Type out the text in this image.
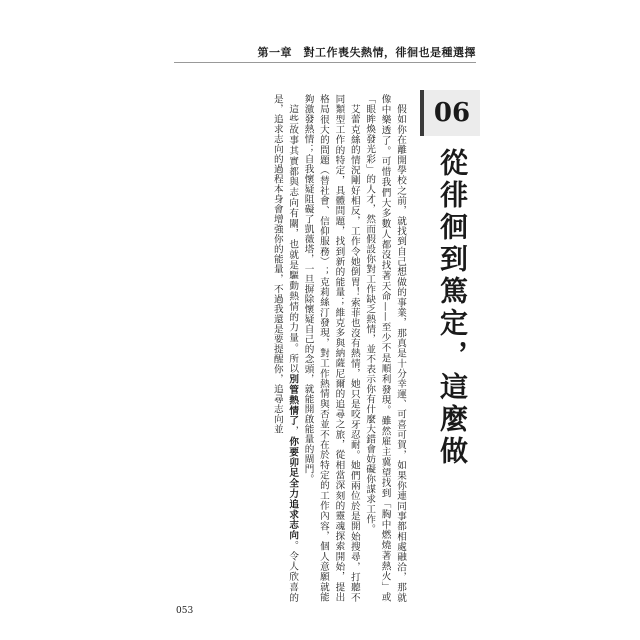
第一章　對工作喪失熱情，徘徊也是種選擇
06
從徘徊到篤定，這麼做

假如你在離開學校之前，就找到自己想做的事業，那真是十分幸運、可喜可賀，如果你連同事都相處融洽，那就像中樂透了。可惜我們大多數人都沒找著天命——至少不是順利發現。雖然雇主冀望找到「胸中燃燒著熱火」或「眼眸煥發光彩」的人才，然而假設你對工作缺乏熱情，並不表示你有什麼大錯會妨礙你謀求工作。

艾蕾克絲的情況剛好相反，工作令她倒胃！索菲也沒有熱情，她只是咬牙忍耐。她們兩位於是開始搜尋，打聽不同類型工作的特定，具體問題，找到新的能量；維克多與納薩尼爾的追尋之旅，從相當深刻的靈魂探索開始，提出格局很大的問題（替社會、信仰服務）；克莉絲汀發現，對工作熱情與否並不在於特定的工作內容，個人意願就能夠激發熱情；自我懷疑阻礙了凱薇塔，一旦摒除懷疑自己的念頭，就能開啟能量的閘門。

這些故事其實都與志向有關，也就是驅動熱情的力量。所以別管熱情了，你要卯足全力追求志向。令人欣喜的是，追求志向的過程本身會增強你的能量，不過我還是要提醒你，追尋志向並

053
